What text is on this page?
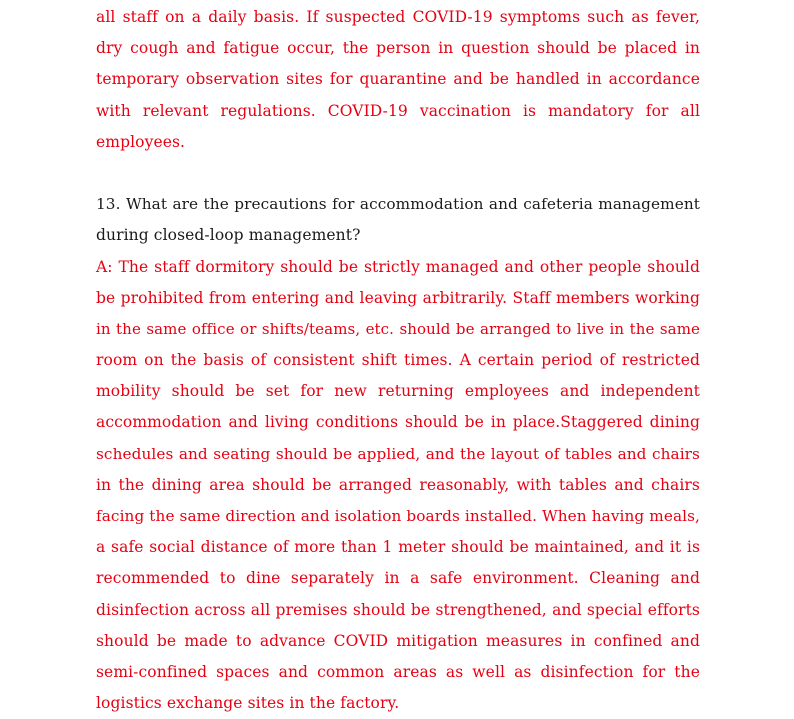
all staff on a daily basis. If suspected COVID-19 symptoms such as fever,
dry cough and fatigue occur, the person in question should be placed in
temporary observation sites for quarantine and be handled in accordance
with relevant regulations. COVID-19 vaccination is mandatory for all
employees.
13. What are the precautions for accommodation and cafeteria management
during closed-loop management?
A: The staff dormitory should be strictly managed and other people should
be prohibited from entering and leaving arbitrarily. Staff members working
in the same office or shifts/teams, etc. should be arranged to live in the same
room on the basis of consistent shift times. A certain period of restricted
mobility should be set for new returning employees and independent
accommodation and living conditions should be in place.Staggered dining
schedules and seating should be applied, and the layout of tables and chairs
in the dining area should be arranged reasonably, with tables and chairs
facing the same direction and isolation boards installed. When having meals,
a safe social distance of more than 1 meter should be maintained, and it is
recommended to dine separately in a safe environment. Cleaning and
disinfection across all premises should be strengthened, and special efforts
should be made to advance COVID mitigation measures in confined and
semi-confined spaces and common areas as well as disinfection for the
logistics exchange sites in the factory.
